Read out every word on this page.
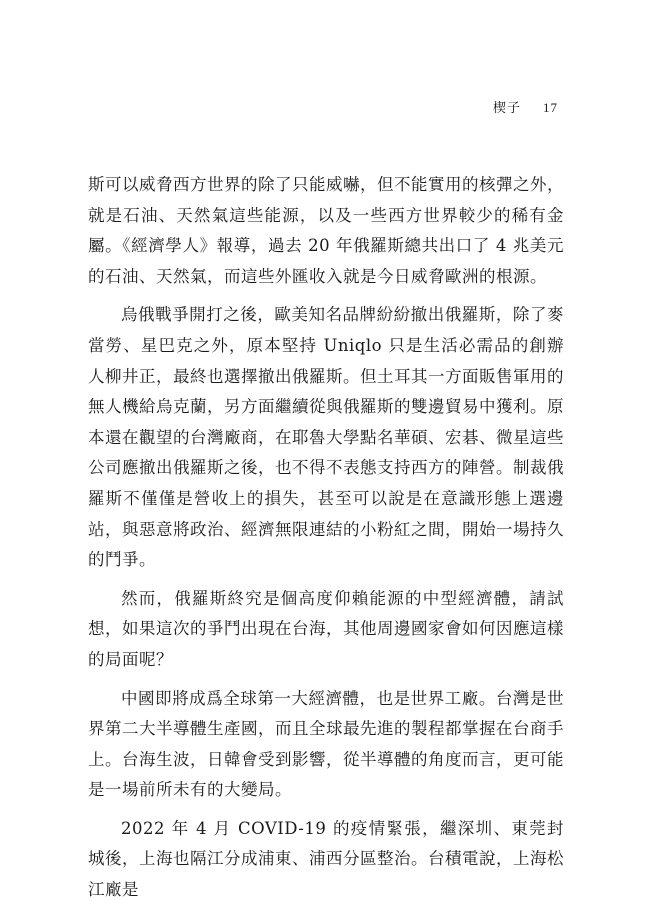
楔子 17

斯可以威脅西方世界的除了只能威嚇，但不能實用的核彈之外，就是石油、天然氣這些能源，以及一些西方世界較少的稀有金屬。《經濟學人》報導，過去 20 年俄羅斯總共出口了 4 兆美元的石油、天然氣，而這些外匯收入就是今日威脅歐洲的根源。

烏俄戰爭開打之後，歐美知名品牌紛紛撤出俄羅斯，除了麥當勞、星巴克之外，原本堅持 Uniqlo 只是生活必需品的創辦人柳井正，最終也選擇撤出俄羅斯。但土耳其一方面販售軍用的無人機給烏克蘭，另方面繼續從與俄羅斯的雙邊貿易中獲利。原本還在觀望的台灣廠商，在耶魯大學點名華碩、宏碁、微星這些公司應撤出俄羅斯之後，也不得不表態支持西方的陣營。制裁俄羅斯不僅僅是營收上的損失，甚至可以說是在意識形態上選邊站，與惡意將政治、經濟無限連結的小粉紅之間，開始一場持久的鬥爭。

然而，俄羅斯終究是個高度仰賴能源的中型經濟體，請試想，如果這次的爭鬥出現在台海，其他周邊國家會如何因應這樣的局面呢？

中國即將成爲全球第一大經濟體，也是世界工廠。台灣是世界第二大半導體生產國，而且全球最先進的製程都掌握在台商手上。台海生波，日韓會受到影響，從半導體的角度而言，更可能是一場前所未有的大變局。

2022 年 4 月 COVID-19 的疫情緊張，繼深圳、東莞封城後，上海也隔江分成浦東、浦西分區整治。台積電說，上海松江廠是
